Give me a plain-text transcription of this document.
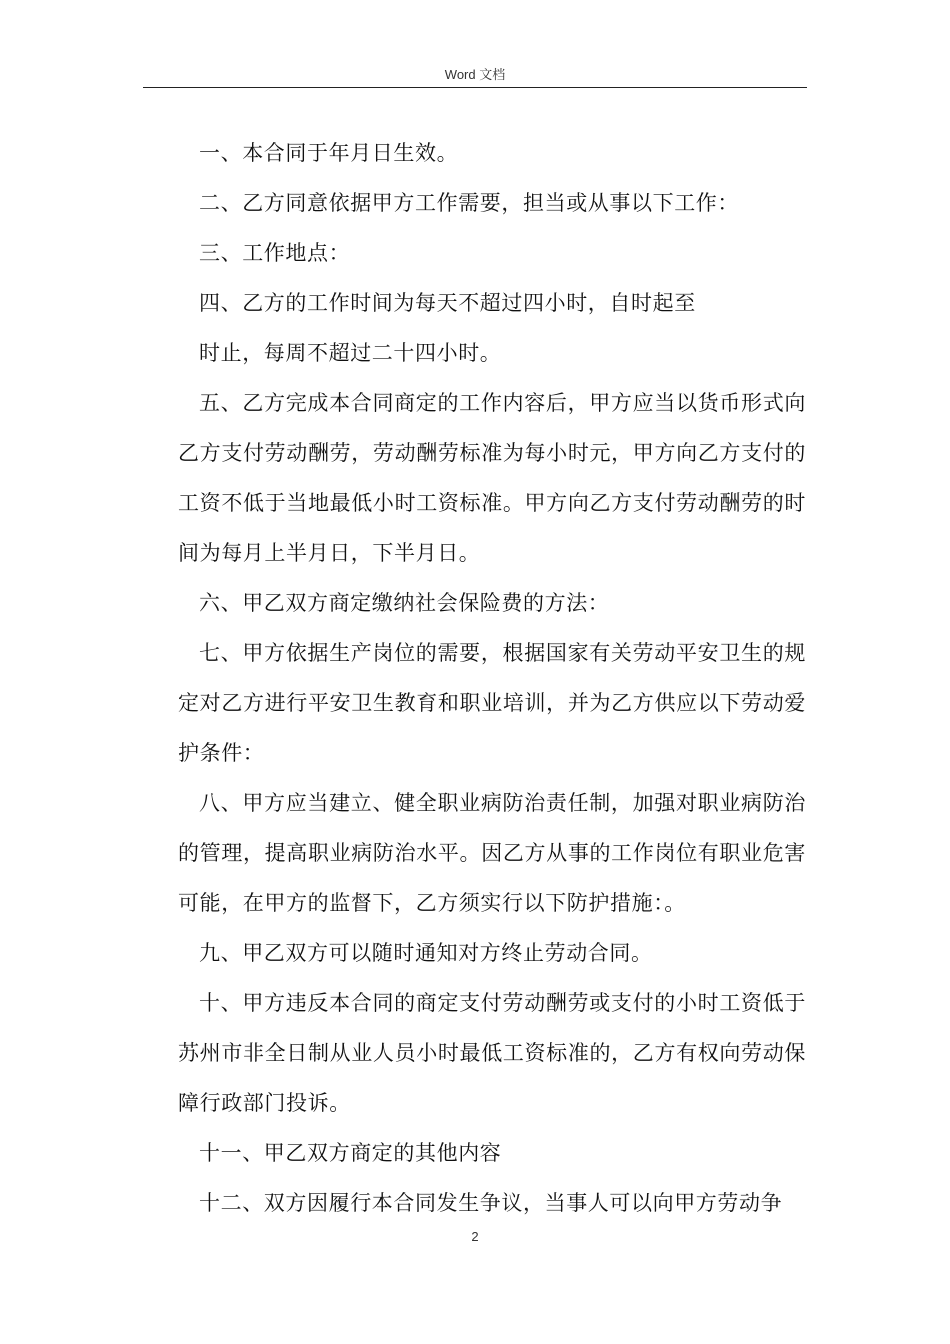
Word 文档

一、本合同于年月日生效。

二、乙方同意依据甲方工作需要，担当或从事以下工作：

三、工作地点：

四、乙方的工作时间为每天不超过四小时，自时起至

时止，每周不超过二十四小时。

五、乙方完成本合同商定的工作内容后，甲方应当以货币形式向乙方支付劳动酬劳，劳动酬劳标准为每小时元，甲方向乙方支付的工资不低于当地最低小时工资标准。甲方向乙方支付劳动酬劳的时间为每月上半月日，下半月日。

六、甲乙双方商定缴纳社会保险费的方法：

七、甲方依据生产岗位的需要，根据国家有关劳动平安卫生的规定对乙方进行平安卫生教育和职业培训，并为乙方供应以下劳动爱护条件：

八、甲方应当建立、健全职业病防治责任制，加强对职业病防治的管理，提高职业病防治水平。因乙方从事的工作岗位有职业危害可能，在甲方的监督下，乙方须实行以下防护措施：。

九、甲乙双方可以随时通知对方终止劳动合同。

十、甲方违反本合同的商定支付劳动酬劳或支付的小时工资低于苏州市非全日制从业人员小时最低工资标准的，乙方有权向劳动保障行政部门投诉。

十一、甲乙双方商定的其他内容

十二、双方因履行本合同发生争议，当事人可以向甲方劳动争

2
